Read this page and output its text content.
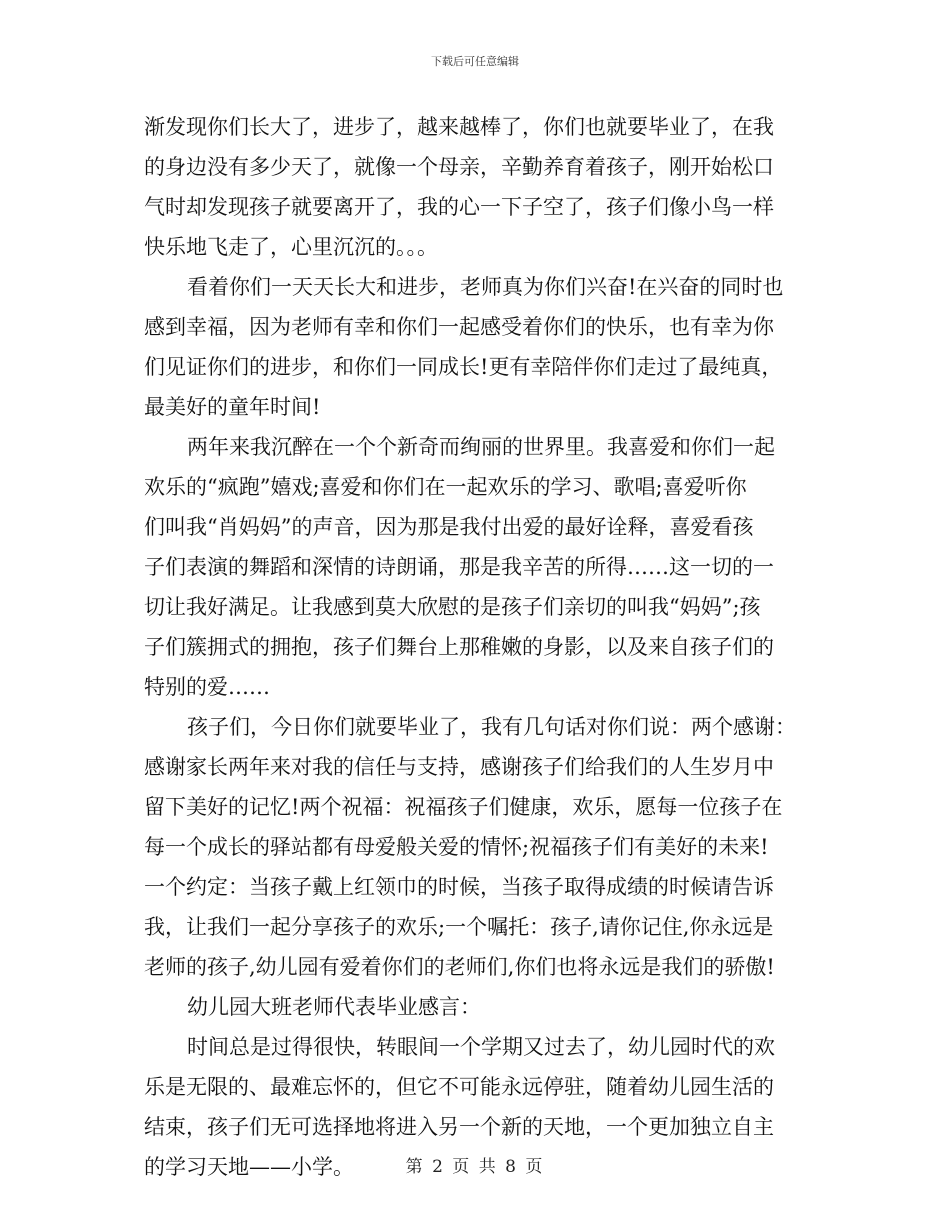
下载后可任意编辑
渐发现你们长大了，进步了，越来越棒了，你们也就要毕业了，在我
的身边没有多少天了，就像一个母亲，辛勤养育着孩子，刚开始松口
气时却发现孩子就要离开了，我的心一下子空了，孩子们像小鸟一样
快乐地飞走了，心里沉沉的。。。
看着你们一天天长大和进步，老师真为你们兴奋!在兴奋的同时也
感到幸福，因为老师有幸和你们一起感受着你们的快乐，也有幸为你
们见证你们的进步，和你们一同成长!更有幸陪伴你们走过了最纯真，
最美好的童年时间!
两年来我沉醉在一个个新奇而绚丽的世界里。我喜爱和你们一起
欢乐的“疯跑”嬉戏;喜爱和你们在一起欢乐的学习、歌唱;喜爱听你
们叫我“肖妈妈”的声音，因为那是我付出爱的最好诠释，喜爱看孩
子们表演的舞蹈和深情的诗朗诵，那是我辛苦的所得……这一切的一
切让我好满足。让我感到莫大欣慰的是孩子们亲切的叫我“妈妈”;孩
子们簇拥式的拥抱，孩子们舞台上那稚嫩的身影，以及来自孩子们的
特别的爱……
孩子们，今日你们就要毕业了，我有几句话对你们说：两个感谢：
感谢家长两年来对我的信任与支持，感谢孩子们给我们的人生岁月中
留下美好的记忆!两个祝福：祝福孩子们健康，欢乐，愿每一位孩子在
每一个成长的驿站都有母爱般关爱的情怀;祝福孩子们有美好的未来!
一个约定：当孩子戴上红领巾的时候，当孩子取得成绩的时候请告诉
我，让我们一起分享孩子的欢乐;一个嘱托：孩子,请你记住,你永远是
老师的孩子,幼儿园有爱着你们的老师们,你们也将永远是我们的骄傲!
幼儿园大班老师代表毕业感言：
时间总是过得很快，转眼间一个学期又过去了，幼儿园时代的欢
乐是无限的、最难忘怀的，但它不可能永远停驻，随着幼儿园生活的
结束，孩子们无可选择地将进入另一个新的天地，一个更加独立自主
的学习天地——小学。	第 2 页 共 8 页
